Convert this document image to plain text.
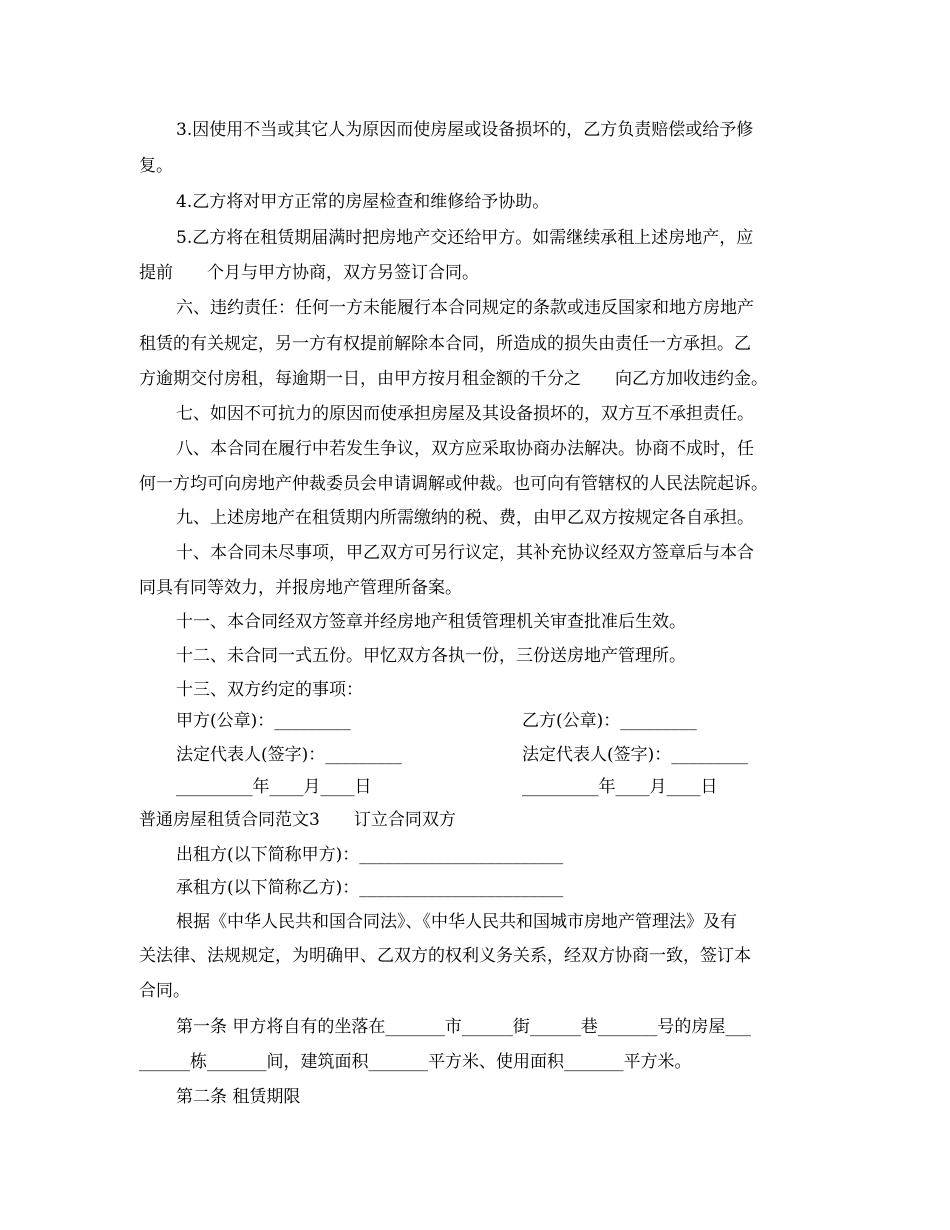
3.因使用不当或其它人为原因而使房屋或设备损坏的，乙方负责赔偿或给予修
复。
4.乙方将对甲方正常的房屋检查和维修给予协助。
5.乙方将在租赁期届满时把房地产交还给甲方。如需继续承租上述房地产，应
提前　　个月与甲方协商，双方另签订合同。
六、违约责任：任何一方未能履行本合同规定的条款或违反国家和地方房地产
租赁的有关规定，另一方有权提前解除本合同，所造成的损失由责任一方承担。乙
方逾期交付房租，每逾期一日，由甲方按月租金额的千分之　　向乙方加收违约金。
七、如因不可抗力的原因而使承担房屋及其设备损坏的，双方互不承担责任。
八、本合同在履行中若发生争议，双方应采取协商办法解决。协商不成时，任
何一方均可向房地产仲裁委员会申请调解或仲裁。也可向有管辖权的人民法院起诉。
九、上述房地产在租赁期内所需缴纳的税、费，由甲乙双方按规定各自承担。
十、本合同未尽事项，甲乙双方可另行议定，其补充协议经双方签章后与本合
同具有同等效力，并报房地产管理所备案。
十一、本合同经双方签章并经房地产租赁管理机关审查批准后生效。
十二、未合同一式五份。甲忆双方各执一份，三份送房地产管理所。
十三、双方约定的事项：
甲方(公章)：_________	乙方(公章)：_________
法定代表人(签字)：_________	法定代表人(签字)：_________
_________年____月____日	_________年____月____日
普通房屋租赁合同范文3　　订立合同双方
出租方(以下简称甲方)：________________________
承租方(以下简称乙方)：________________________
根据《中华人民共和国合同法》、《中华人民共和国城市房地产管理法》及有
关法律、法规规定，为明确甲、乙双方的权利义务关系，经双方协商一致，签订本
合同。
第一条 甲方将自有的坐落在_______市______街______巷_______号的房屋___
______栋_______间，建筑面积_______平方米、使用面积_______平方米。
第二条 租赁期限
